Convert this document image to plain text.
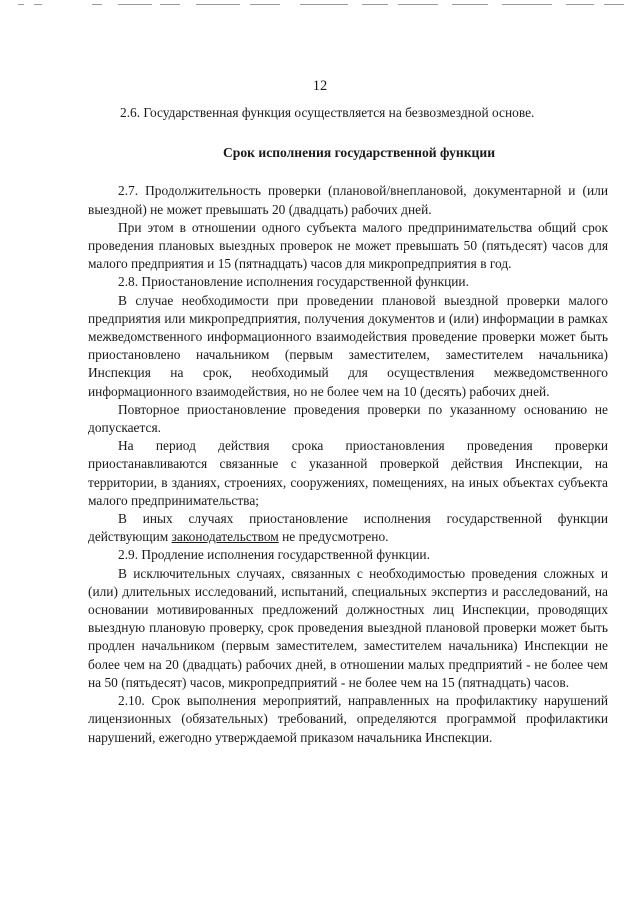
12

2.6. Государственная функция осуществляется на безвозмездной основе.

Срок исполнения государственной функции

2.7. Продолжительность проверки (плановой/внеплановой, документарной и (или выездной) не может превышать 20 (двадцать) рабочих дней.

При этом в отношении одного субъекта малого предпринимательства общий срок проведения плановых выездных проверок не может превышать 50 (пятьдесят) часов для малого предприятия и 15 (пятнадцать) часов для микропредприятия в год.

2.8. Приостановление исполнения государственной функции.

В случае необходимости при проведении плановой выездной проверки малого предприятия или микропредприятия, получения документов и (или) информации в рамках межведомственного информационного взаимодействия проведение проверки может быть приостановлено начальником (первым заместителем, заместителем начальника) Инспекция на срок, необходимый для осуществления межведомственного информационного взаимодействия, но не более чем на 10 (десять) рабочих дней.

Повторное приостановление проведения проверки по указанному основанию не допускается.

На период действия срока приостановления проведения проверки приостанавливаются связанные с указанной проверкой действия Инспекции, на территории, в зданиях, строениях, сооружениях, помещениях, на иных объектах субъекта малого предпринимательства;

В иных случаях приостановление исполнения государственной функции действующим законодательством не предусмотрено.

2.9. Продление исполнения государственной функции.

В исключительных случаях, связанных с необходимостью проведения сложных и (или) длительных исследований, испытаний, специальных экспертиз и расследований, на основании мотивированных предложений должностных лиц Инспекции, проводящих выездную плановую проверку, срок проведения выездной плановой проверки может быть продлен начальником (первым заместителем, заместителем начальника) Инспекции не более чем на 20 (двадцать) рабочих дней, в отношении малых предприятий - не более чем на 50 (пятьдесят) часов, микропредприятий - не более чем на 15 (пятнадцать) часов.

2.10. Срок выполнения мероприятий, направленных на профилактику нарушений лицензионных (обязательных) требований, определяются программой профилактики нарушений, ежегодно утверждаемой приказом начальника Инспекции.
